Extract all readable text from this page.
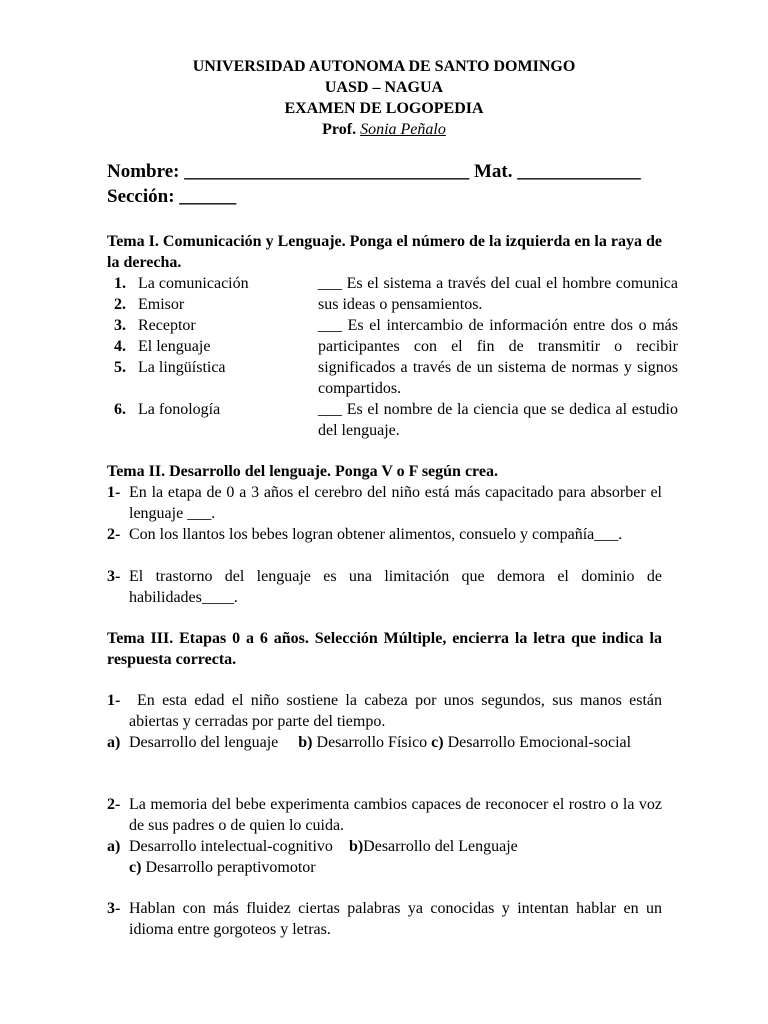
UNIVERSIDAD AUTONOMA DE SANTO DOMINGO
UASD – NAGUA
EXAMEN DE LOGOPEDIA
Prof. Sonia Peñalo
Nombre: ______________________________ Mat. _____________
Sección: ______
Tema I. Comunicación y Lenguaje. Ponga el número de la izquierda en la raya de la derecha.
1. La comunicación
2. Emisor
3. Receptor
4. El lenguaje
5. La lingüística
6. La fonología
___ Es el sistema a través del cual el hombre comunica sus ideas o pensamientos.
___ Es el intercambio de información entre dos o más participantes con el fin de transmitir o recibir significados a través de un sistema de normas y signos compartidos.
___ Es el nombre de la ciencia que se dedica al estudio del lenguaje.
Tema II. Desarrollo del lenguaje. Ponga V o F según crea.
1- En la etapa de 0 a 3 años el cerebro del niño está más capacitado para absorber el lenguaje ___.
2- Con los llantos los bebes logran obtener alimentos, consuelo y compañía___.
3- El trastorno del lenguaje es una limitación que demora el dominio de habilidades____.
Tema III. Etapas 0 a 6 años. Selección Múltiple, encierra la letra que indica la respuesta correcta.
1-	En esta edad el niño sostiene la cabeza por unos segundos, sus manos están abiertas y cerradas por parte del tiempo.
a) Desarrollo del lenguaje b) Desarrollo Físico c) Desarrollo Emocional-social
2- La memoria del bebe experimenta cambios capaces de reconocer el rostro o la voz de sus padres o de quien lo cuida.
a) Desarrollo intelectual-cognitivo b)Desarrollo del Lenguaje
c) Desarrollo peraptivomotor
3- Hablan con más fluidez ciertas palabras ya conocidas y intentan hablar en un idioma entre gorgoteos y letras.
